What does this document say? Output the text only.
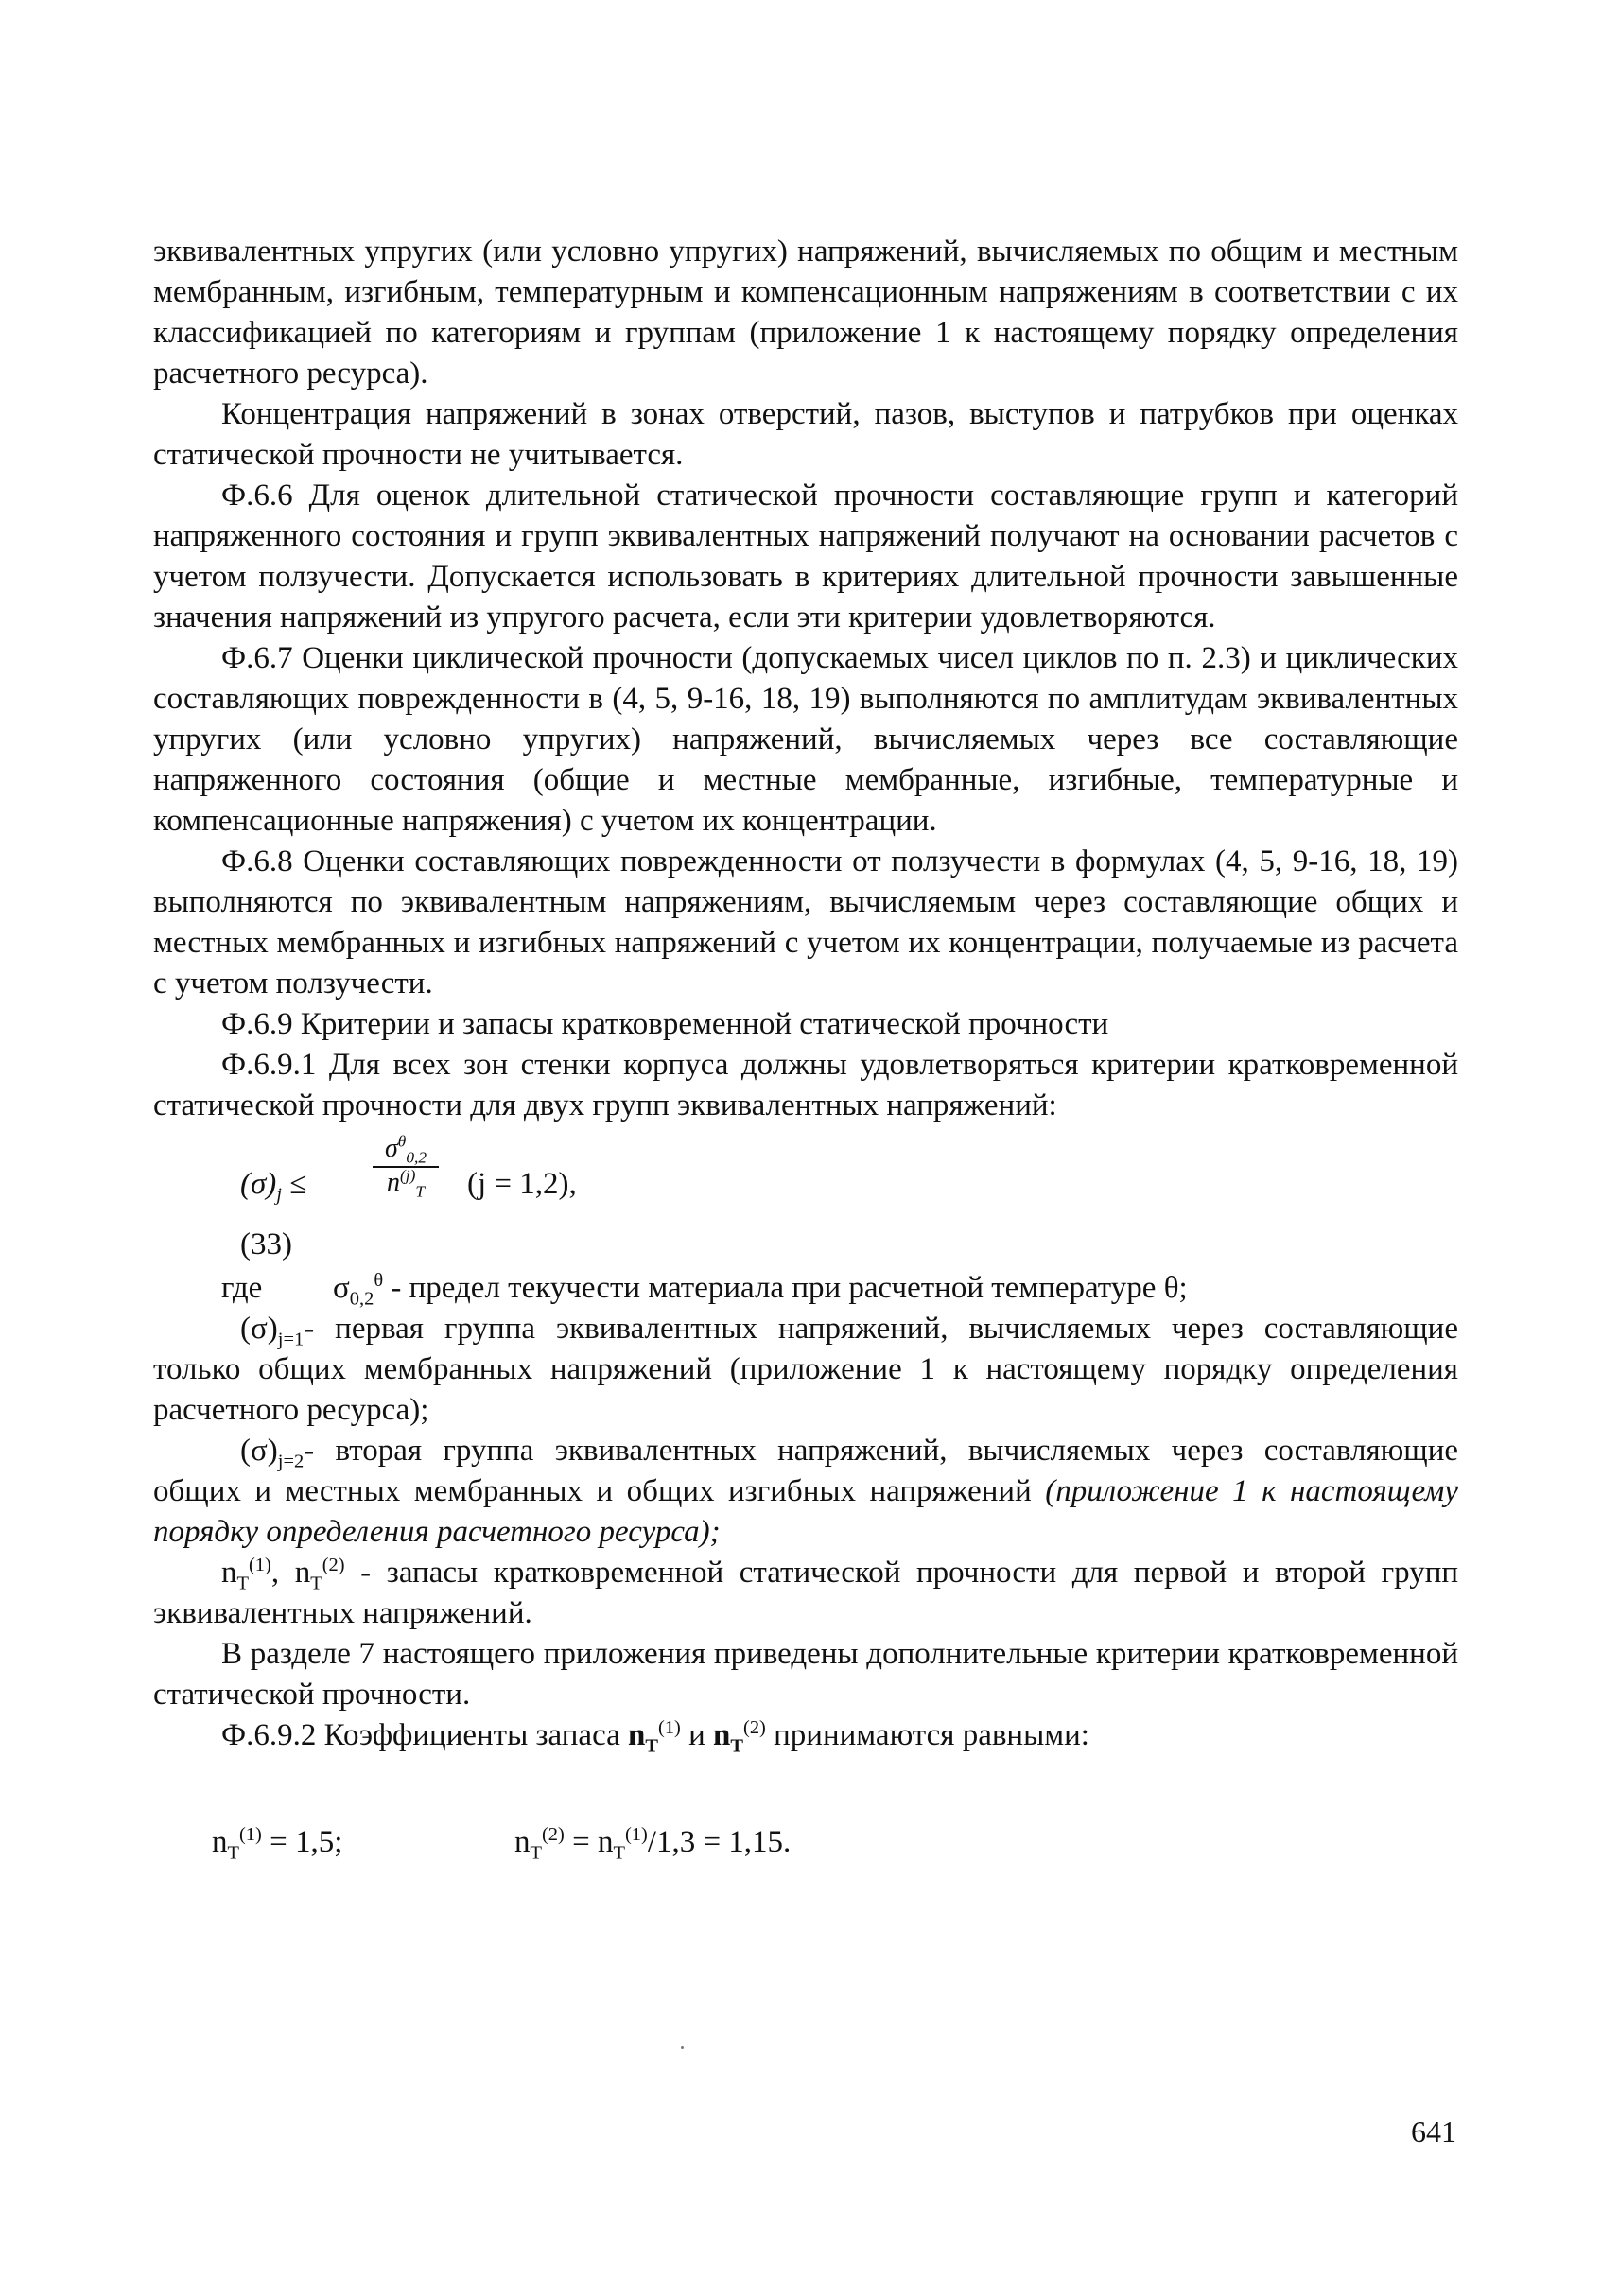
эквивалентных упругих (или условно упругих) напряжений, вычисляемых по общим и местным мембранным, изгибным, температурным и компенсационным напряжениям в соответствии с их классификацией по категориям и группам (приложение 1 к настоящему порядку определения расчетного ресурса).

Концентрация напряжений в зонах отверстий, пазов, выступов и патрубков при оценках статической прочности не учитывается.

Ф.6.6 Для оценок длительной статической прочности составляющие групп и категорий напряженного состояния и групп эквивалентных напряжений получают на основании расчетов с учетом ползучести. Допускается использовать в критериях длительной прочности завышенные значения напряжений из упругого расчета, если эти критерии удовлетворяются.

Ф.6.7 Оценки циклической прочности (допускаемых чисел циклов по п. 2.3) и циклических составляющих поврежденности в (4, 5, 9-16, 18, 19) выполняются по амплитудам эквивалентных упругих (или условно упругих) напряжений, вычисляемых через все составляющие напряженного состояния (общие и местные мембранные, изгибные, температурные и компенсационные напряжения) с учетом их концентрации.

Ф.6.8 Оценки составляющих поврежденности от ползучести в формулах (4, 5, 9-16, 18, 19) выполняются по эквивалентным напряжениям, вычисляемым через составляющие общих и местных мембранных и изгибных напряжений с учетом их концентрации, получаемые из расчета с учетом ползучести.

Ф.6.9 Критерии и запасы кратковременной статической прочности

Ф.6.9.1 Для всех зон стенки корпуса должны удовлетворяться критерии кратковременной статической прочности для двух групп эквивалентных напряжений:

$(\sigma)_j \le \frac{\sigma^\theta_{0,2}}{n^{(j)}_T} (j = 1,2)$,
(33)
где	$\sigma_{0,2}^\theta$ - предел текучести материала при расчетной температуре θ;

$(\sigma)_{j=1}-$ первая группа эквивалентных напряжений, вычисляемых через составляющие только общих мембранных напряжений (приложение 1 к настоящему порядку определения расчетного ресурса);

$(\sigma)_{j=2}-$ вторая группа эквивалентных напряжений, вычисляемых через составляющие общих и местных мембранных и общих изгибных напряжений (приложение 1 к настоящему порядку определения расчетного ресурса);

$n_T^{(1)}$, $n_T^{(2)}$ - запасы кратковременной статической прочности для первой и второй групп эквивалентных напряжений.

В разделе 7 настоящего приложения приведены дополнительные критерии кратковременной статической прочности.

Ф.6.9.2 Коэффициенты запаса $n_T^{(1)}$ и $n_T^{(2)}$ принимаются равными:

$n_T^{(1)} = 1,5$;	$n_T^{(2)} = n_T^{(1)}/1,3 = 1,15$.
641
